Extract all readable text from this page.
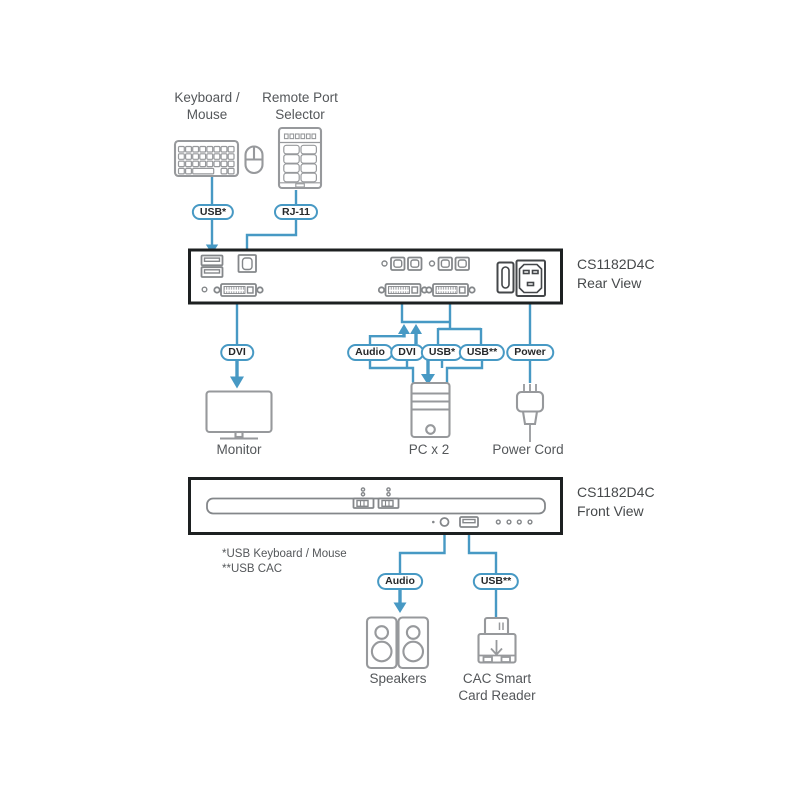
Keyboard /
Mouse
Remote Port
Selector
USB*	RJ-11
CS1182D4C
Rear View
DVI	Audio	DVI	USB*	USB**	Power
Monitor	PC x 2	Power Cord
CS1182D4C
Front View
*USB Keyboard / Mouse
**USB CAC
Audio	USB**
Speakers	CAC Smart
Card Reader
